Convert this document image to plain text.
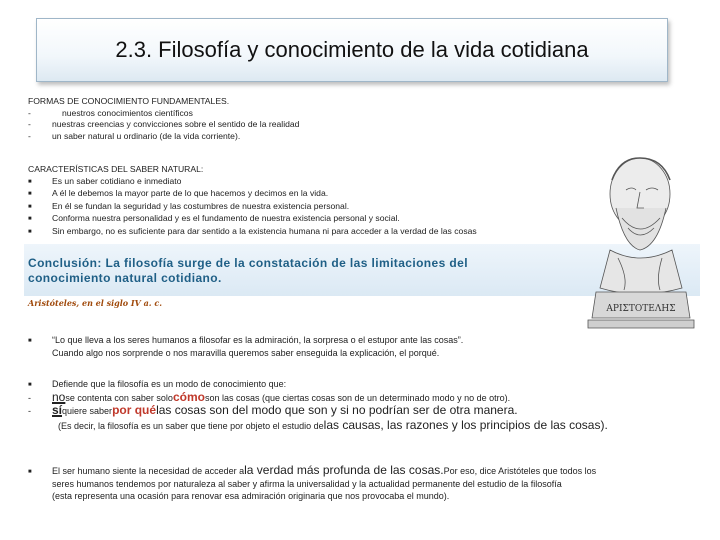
2.3. Filosofía y conocimiento de la vida cotidiana
FORMAS DE CONOCIMIENTO FUNDAMENTALES.
-	nuestros conocimientos científicos
-	nuestras creencias y convicciones sobre el sentido de la realidad
-	un saber natural u ordinario (de la vida corriente).
CARACTERÍSTICAS DEL SABER NATURAL:
■	Es un saber cotidiano e inmediato
■	A él le debemos la mayor parte de lo que hacemos y decimos en la vida.
■	En él se fundan la seguridad y las costumbres de nuestra existencia personal.
■	Conforma nuestra personalidad y es el fundamento de nuestra existencia personal y social.
■	Sin embargo, no es suficiente para dar sentido a la existencia humana ni para acceder a la verdad de las cosas
Conclusión: La filosofía surge de la constatación de las limitaciones del
conocimiento natural cotidiano.
Aristóteles, en el siglo IV a. c.
■	“Lo que lleva a los seres humanos a filosofar es la admiración, la sorpresa o el estupor ante las cosas”.
Cuando algo nos sorprende o nos maravilla queremos saber enseguida la explicación, el porqué.
■	Defiende que la filosofía es un modo de conocimiento que:
-	no se contenta con saber solo cómo son las cosas (que ciertas cosas son de un determinado modo y no de otro).
-	sí quiere saber por qué las cosas son del modo que son y si no podrían ser de otra manera.
(Es decir, la filosofía es un saber que tiene por objeto el estudio de las causas, las razones y los principios de las cosas).
■	El ser humano siente la necesidad de acceder a la verdad más profunda de las cosas. Por eso, dice Aristóteles que todos los
seres humanos tendemos por naturaleza al saber y afirma la universalidad y la actualidad permanente del estudio de la filosofía
(esta representa una ocasión para renovar esa admiración originaria que nos provocaba el mundo).
ΑΡΙΣΤΟΤΕΛΗΣ
